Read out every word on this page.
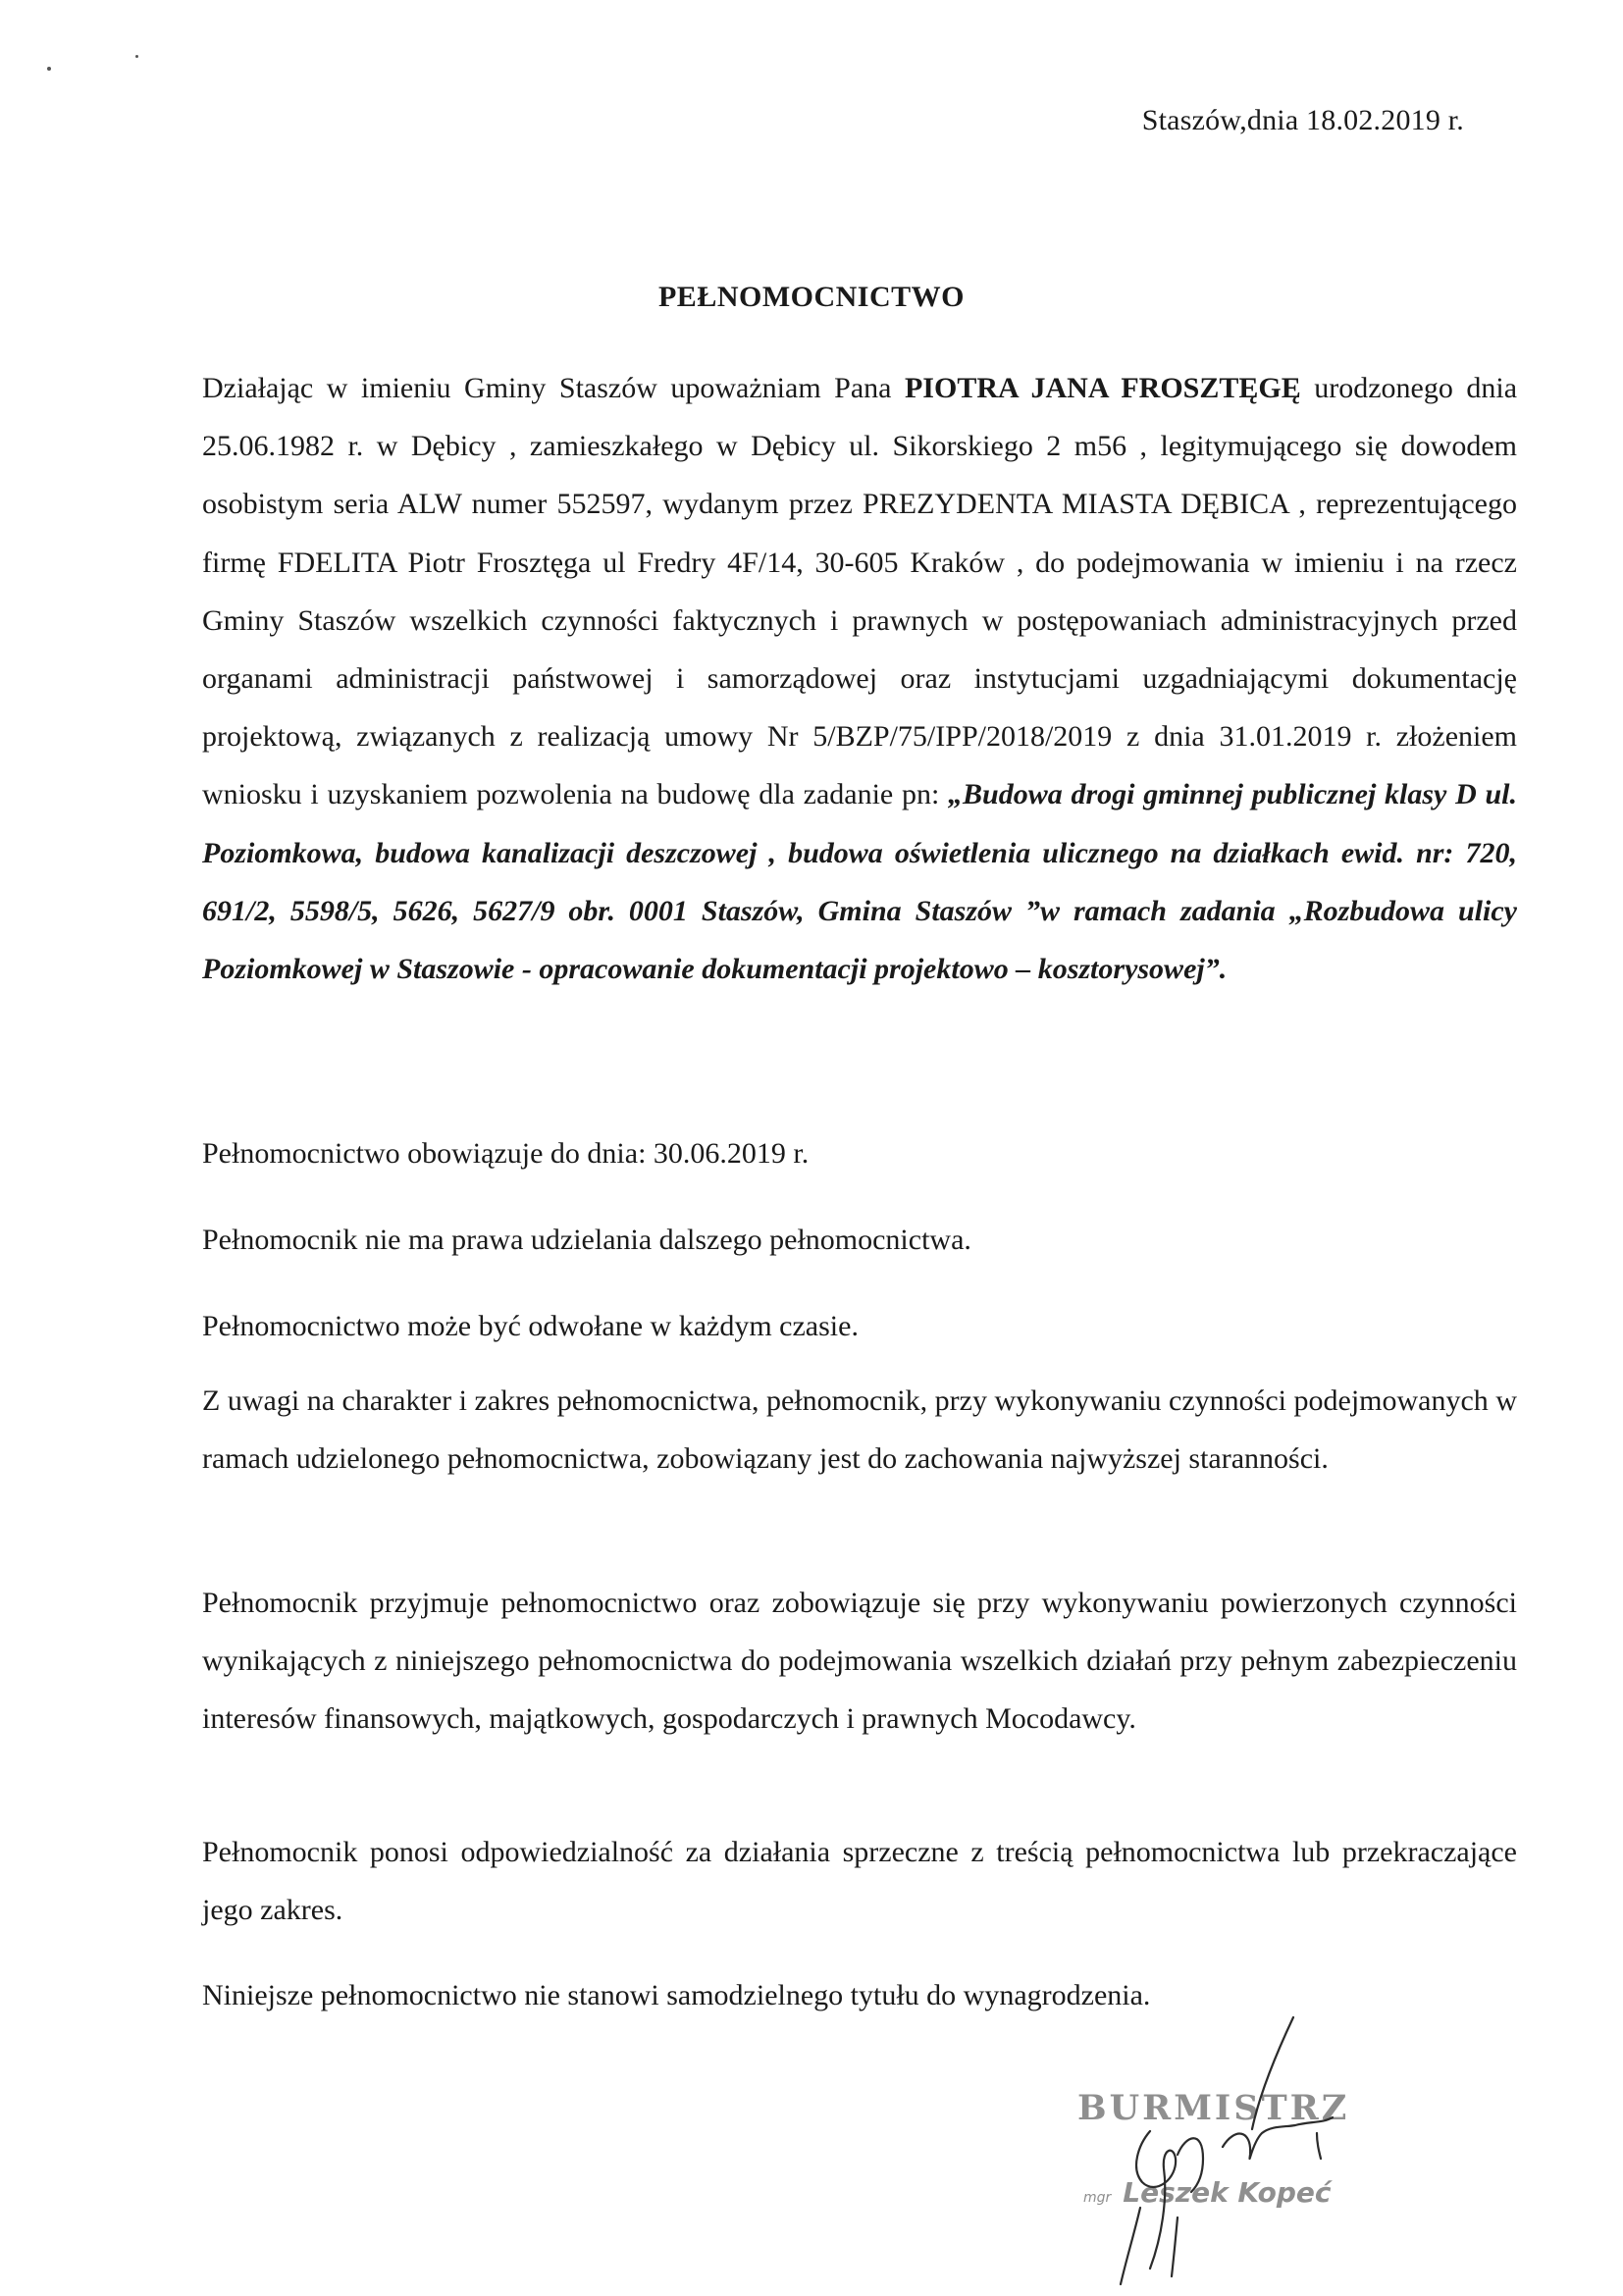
Staszów,dnia 18.02.2019 r.
PEŁNOMOCNICTWO
Działając w imieniu Gminy Staszów upoważniam Pana PIOTRA JANA FROSZTĘGĘ urodzonego dnia 25.06.1982 r. w Dębicy , zamieszkałego w Dębicy ul. Sikorskiego 2 m56 , legitymującego się dowodem osobistym seria ALW numer 552597, wydanym przez PREZYDENTA MIASTA DĘBICA , reprezentującego firmę FDELITA Piotr Frosztęga ul Fredry 4F/14, 30-605 Kraków , do podejmowania w imieniu i na rzecz Gminy Staszów wszelkich czynności faktycznych i prawnych w postępowaniach administracyjnych przed organami administracji państwowej i samorządowej oraz instytucjami uzgadniającymi dokumentację projektową, związanych z realizacją umowy Nr 5/BZP/75/IPP/2018/2019 z dnia 31.01.2019 r. złożeniem wniosku i uzyskaniem pozwolenia na budowę dla zadanie pn: „Budowa drogi gminnej publicznej klasy D ul. Poziomkowa, budowa kanalizacji deszczowej , budowa oświetlenia ulicznego na działkach ewid. nr: 720, 691/2, 5598/5, 5626, 5627/9 obr. 0001 Staszów, Gmina Staszów ”w ramach zadania „Rozbudowa ulicy Poziomkowej w Staszowie - opracowanie dokumentacji projektowo – kosztorysowej”.
Pełnomocnictwo obowiązuje do dnia: 30.06.2019 r.
Pełnomocnik nie ma prawa udzielania dalszego pełnomocnictwa.
Pełnomocnictwo może być odwołane w każdym czasie.
Z uwagi na charakter i zakres pełnomocnictwa, pełnomocnik, przy wykonywaniu czynności podejmowanych w ramach udzielonego pełnomocnictwa, zobowiązany jest do zachowania najwyższej staranności.
Pełnomocnik przyjmuje pełnomocnictwo oraz zobowiązuje się przy wykonywaniu powierzonych czynności wynikających z niniejszego pełnomocnictwa do podejmowania wszelkich działań przy pełnym zabezpieczeniu interesów finansowych, majątkowych, gospodarczych i prawnych Mocodawcy.
Pełnomocnik ponosi odpowiedzialność za działania sprzeczne z treścią pełnomocnictwa lub przekraczające jego zakres.
Niniejsze pełnomocnictwo nie stanowi samodzielnego tytułu do wynagrodzenia.
BURMISTRZ
mgr Leszek Kopeć
